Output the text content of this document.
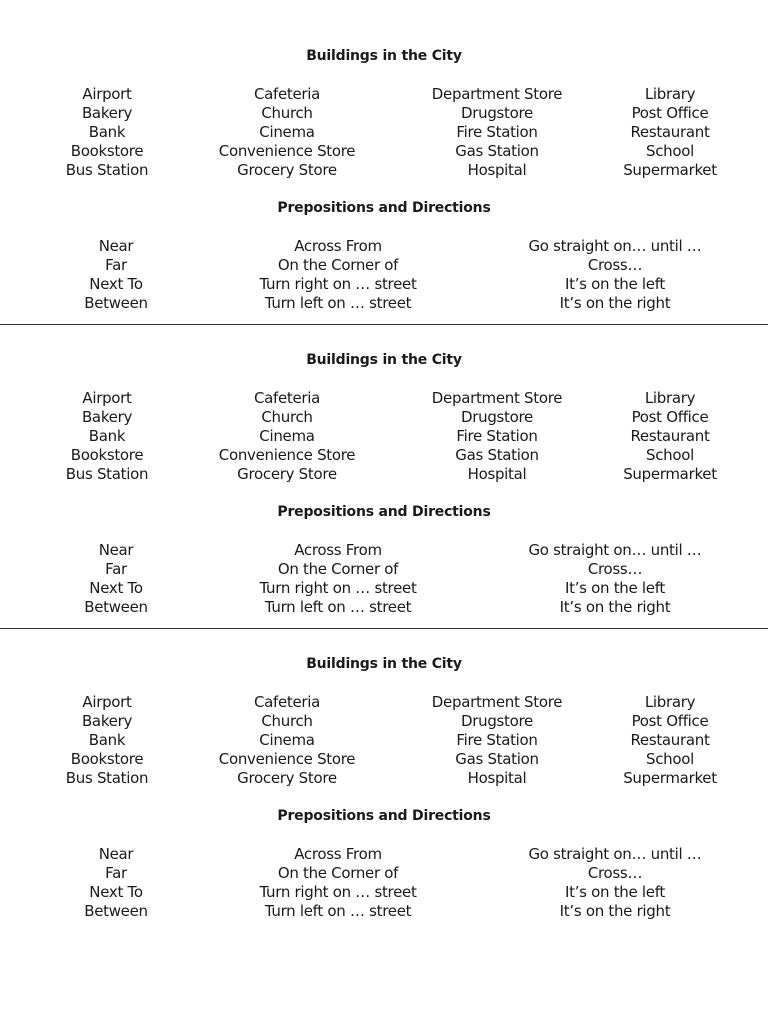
Buildings in the City
Airport
Bakery
Bank
Bookstore
Bus Station
Cafeteria
Church
Cinema
Convenience Store
Grocery Store
Department Store
Drugstore
Fire Station
Gas Station
Hospital
Library
Post Office
Restaurant
School
Supermarket
Prepositions and Directions
Near
Far
Next To
Between
Across From
On the Corner of
Turn right on … street
Turn left on … street
Go straight on… until …
Cross…
It’s on the left
It’s on the right
Buildings in the City
Airport
Bakery
Bank
Bookstore
Bus Station
Cafeteria
Church
Cinema
Convenience Store
Grocery Store
Department Store
Drugstore
Fire Station
Gas Station
Hospital
Library
Post Office
Restaurant
School
Supermarket
Prepositions and Directions
Near
Far
Next To
Between
Across From
On the Corner of
Turn right on … street
Turn left on … street
Go straight on… until …
Cross…
It’s on the left
It’s on the right
Buildings in the City
Airport
Bakery
Bank
Bookstore
Bus Station
Cafeteria
Church
Cinema
Convenience Store
Grocery Store
Department Store
Drugstore
Fire Station
Gas Station
Hospital
Library
Post Office
Restaurant
School
Supermarket
Prepositions and Directions
Near
Far
Next To
Between
Across From
On the Corner of
Turn right on … street
Turn left on … street
Go straight on… until …
Cross…
It’s on the left
It’s on the right
